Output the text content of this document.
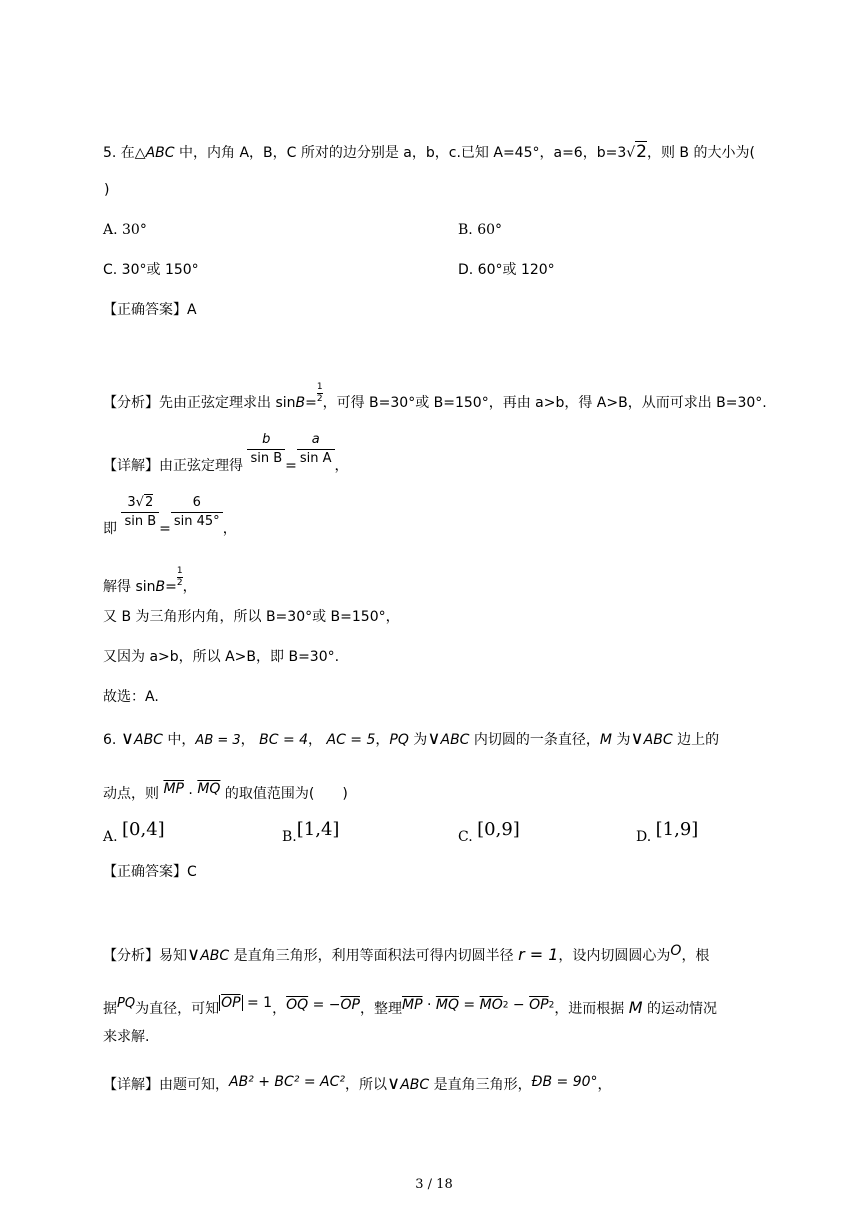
5. 在△ABC 中，内角 A，B，C 所对的边分别是 a，b，c.已知 A=45°，a=6，b=3√2，则 B 的大小为(
)
A. 30°	B. 60°
C. 30°或 150°	D. 60°或 120°
【正确答案】A
【分析】先由正弦定理求出 $\sin B= \frac{1}{2}$ ，可得 B=30°或 B=150°，再由 a>b，得 A>B，从而可求出 B=30°.
【详解】由正弦定理得 $\frac{b}{\text{sin B}} = \frac{a}{\text{sin A}}$ ，
即 $\frac{3√2}{\text{sin B}} = \frac{6}{\sin 45^\circ}$ ，
解得 $\sin B= \frac{1}{2}$ ，
又 B 为三角形内角，所以 B=30°或 B=150°，
又因为 a>b，所以 A>B，即 B=30°.
故选：A.
6. ∨ABC 中，AB = 3， BC = 4， AC = 5，PQ 为∨ABC 内切圆的一条直径，M 为∨ABC 边上的
动点，则 $\overline{MP} \cdot \overline{MQ}$ 的取值范围为(　　)
A. [0,4]	B.[1,4]	C. [0,9]	D. [1,9]
【正确答案】C
【分析】易知∨ABC 是直角三角形，利用等面积法可得内切圆半径 r = 1，设内切圆圆心为O，根
据PQ为直径，可知 $\overline{OP} = 1$，$\overline{OQ} = -\overline{OP}$，整理$\overline{MP} \cdot \overline{MQ} = \overline{MO}^2 - \overline{OP}^2$，进而根据 M 的运动情况
来求解.
【详解】由题可知，AB² + BC² = AC²，所以∨ABC 是直角三角形，ÐB = 90°，
3 / 18
